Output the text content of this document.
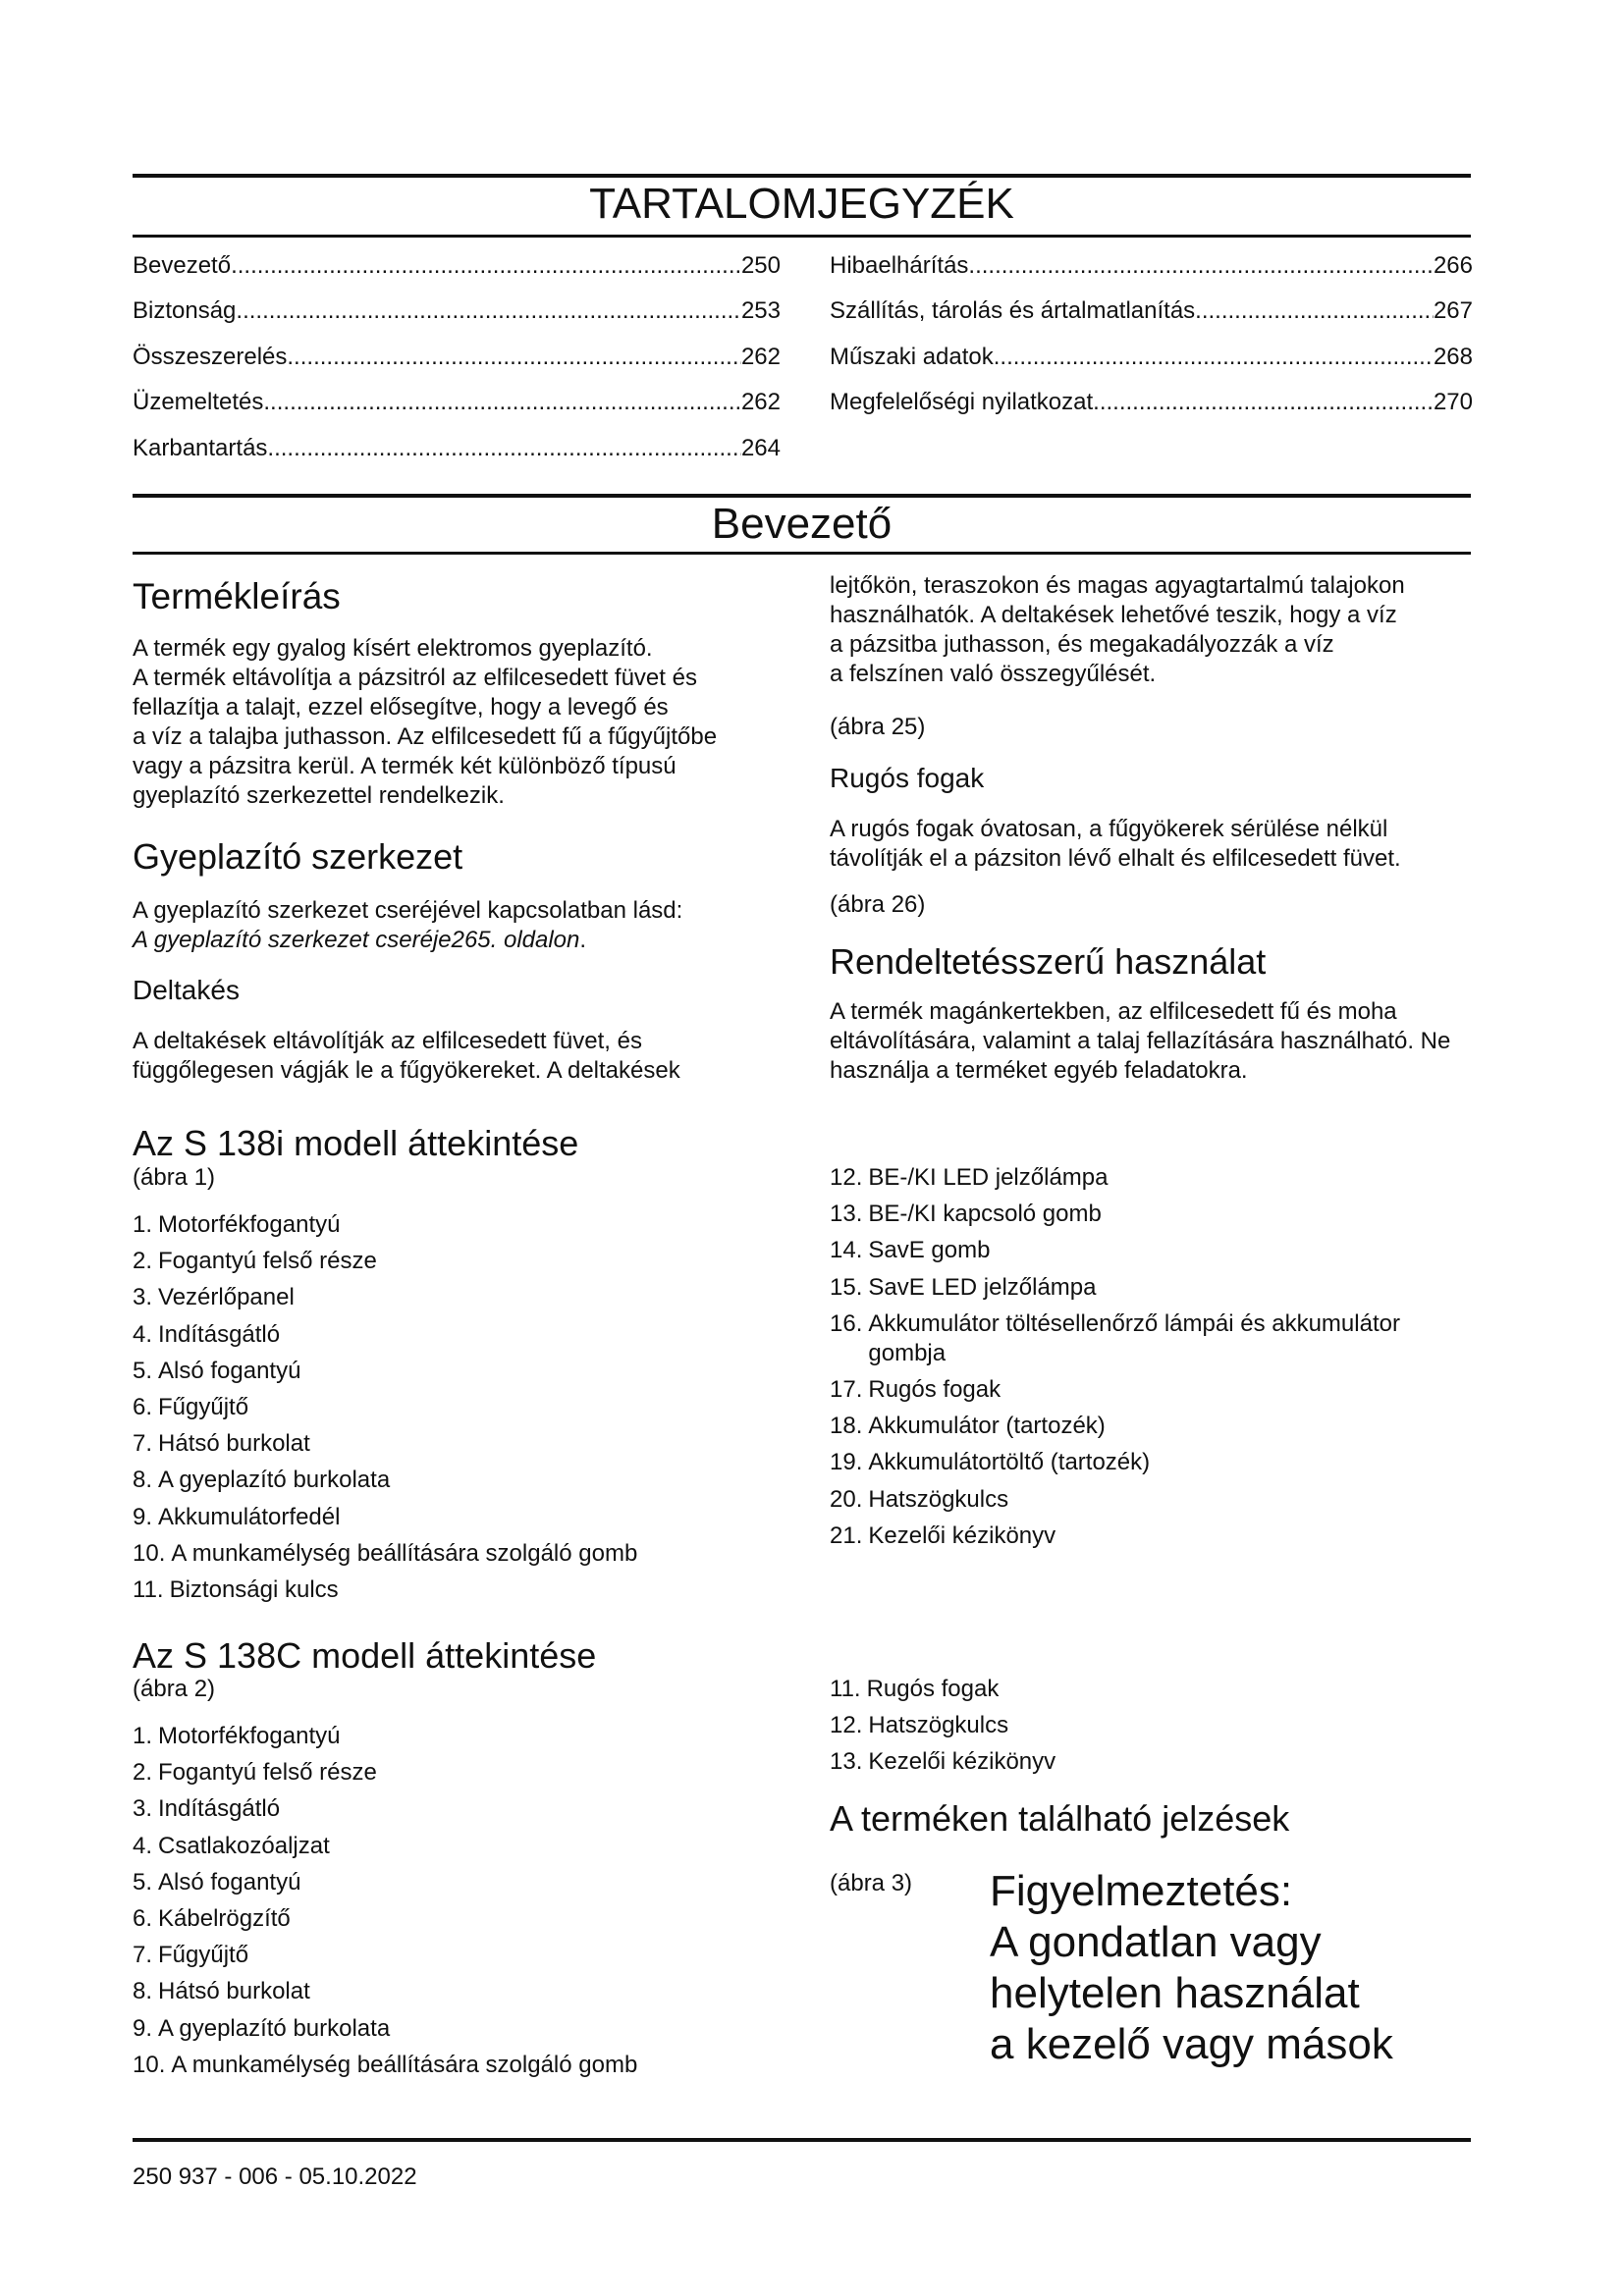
TARTALOMJEGYZÉK
Bevezető .....	250
Biztonság .....	253
Összeszerelés .....	262
Üzemeltetés .....	262
Karbantartás .....	264
Hibaelhárítás .....	266
Szállítás, tárolás és ártalmatlanítás .....	267
Műszaki adatok .....	268
Megfelelőségi nyilatkozat .....	270
Bevezető
Termékleírás
A termék egy gyalog kísért elektromos gyeplazító.
A termék eltávolítja a pázsitról az elfilcesedett füvet és fellazítja a talajt, ezzel elősegítve, hogy a levegő és
a víz a talajba juthasson. Az elfilcesedett fű a fűgyűjtőbe vagy a pázsitra kerül. A termék két különböző típusú gyeplazító szerkezettel rendelkezik.
Gyeplazító szerkezet
A gyeplazító szerkezet cseréjével kapcsolatban lásd:
A gyeplazító szerkezet cseréje265. oldalon.
Deltakés
A deltakések eltávolítják az elfilcesedett füvet, és függőlegesen vágják le a fűgyökereket. A deltakések
lejtőkön, teraszokon és magas agyagtartalmú talajokon használhatók. A deltakések lehetővé teszik, hogy a víz
a pázsitba juthasson, és megakadályozzák a víz
a felszínen való összegyűlését.
(ábra 25)
Rugós fogak
A rugós fogak óvatosan, a fűgyökerek sérülése nélkül távolítják el a pázsiton lévő elhalt és elfilcesedett füvet.
(ábra 26)
Rendeltetésszerű használat
A termék magánkertekben, az elfilcesedett fű és moha eltávolítására, valamint a talaj fellazítására használható. Ne használja a terméket egyéb feladatokra.
Az S 138i modell áttekintése
(ábra 1)
1. Motorfékfogantyú
2. Fogantyú felső része
3. Vezérlőpanel
4. Indításgátló
5. Alsó fogantyú
6. Fűgyűjtő
7. Hátsó burkolat
8. A gyeplazító burkolata
9. Akkumulátorfedél
10. A munkamélység beállítására szolgáló gomb
11. Biztonsági kulcs
12. BE-/KI LED jelzőlámpa
13. BE-/KI kapcsoló gomb
14. SavE gomb
15. SavE LED jelzőlámpa
16. Akkumulátor töltésellenőrző lámpái és akkumulátor gombja
17. Rugós fogak
18. Akkumulátor (tartozék)
19. Akkumulátortöltő (tartozék)
20. Hatszögkulcs
21. Kezelői kézikönyv
Az S 138C modell áttekintése
(ábra 2)
1. Motorfékfogantyú
2. Fogantyú felső része
3. Indításgátló
4. Csatlakozóaljzat
5. Alsó fogantyú
6. Kábelrögzítő
7. Fűgyűjtő
8. Hátsó burkolat
9. A gyeplazító burkolata
10. A munkamélység beállítására szolgáló gomb
11. Rugós fogak
12. Hatszögkulcs
13. Kezelői kézikönyv
A terméken található jelzések
(ábra 3) Figyelmeztetés:
A gondatlan vagy
helytelen használat
a kezelő vagy mások
250 937 - 006 - 05.10.2022
